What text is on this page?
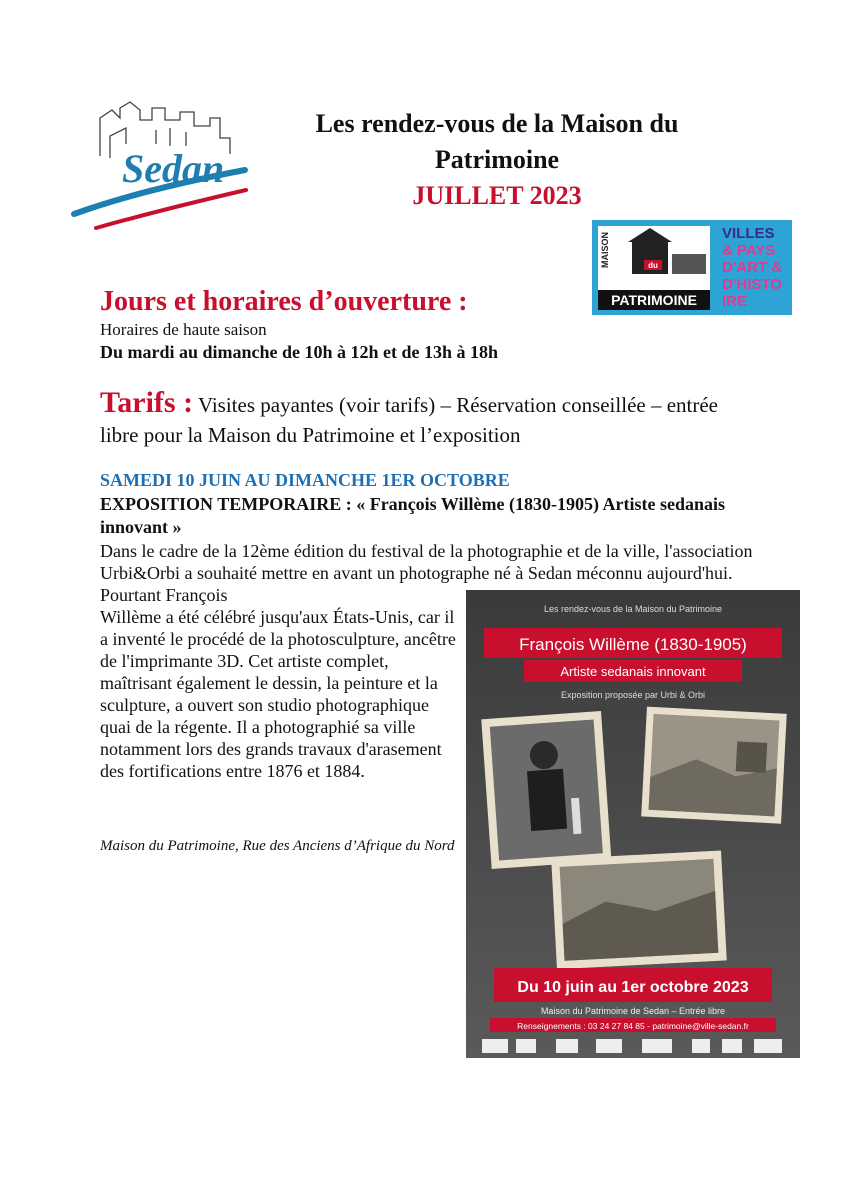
Sedan
Les rendez-vous de la Maison du
Patrimoine
JUILLET 2023
MAISON	du
PATRIMOINE
VILLES
& PAYS
D'ART &
D'HISTO
IRE
Jours et horaires d’ouverture :
Horaires de haute saison
Du mardi au dimanche de 10h à 12h et de 13h à 18h
Tarifs : Visites payantes (voir tarifs) – Réservation conseillée – entrée libre pour la Maison du Patrimoine et l’exposition
SAMEDI 10 JUIN AU DIMANCHE 1ER OCTOBRE
EXPOSITION TEMPORAIRE : « François Willème (1830-1905) Artiste sedanais innovant »
Dans le cadre de la 12ème édition du festival de la photographie et de la ville, l'association Urbi&Orbi a souhaité mettre en avant un photographe né à Sedan méconnu aujourd'hui. Pourtant François
Willème a été célébré jusqu'aux États-Unis, car il a inventé le procédé de la photosculpture, ancêtre de l'imprimante 3D. Cet artiste complet, maîtrisant également le dessin, la peinture et la sculpture, a ouvert son studio photographique quai de la régente. Il a photographié sa ville notamment lors des grands travaux d'arasement des fortifications entre 1876 et 1884.
Maison du Patrimoine, Rue des Anciens d’Afrique du Nord
Les rendez-vous de la Maison du Patrimoine
François Willème (1830-1905)
Artiste sedanais innovant
Exposition proposée par Urbi & Orbi
Du 10 juin au 1er octobre 2023
Maison du Patrimoine de Sedan – Entrée libre
Renseignements : 03 24 27 84 85 - patrimoine@ville-sedan.fr
